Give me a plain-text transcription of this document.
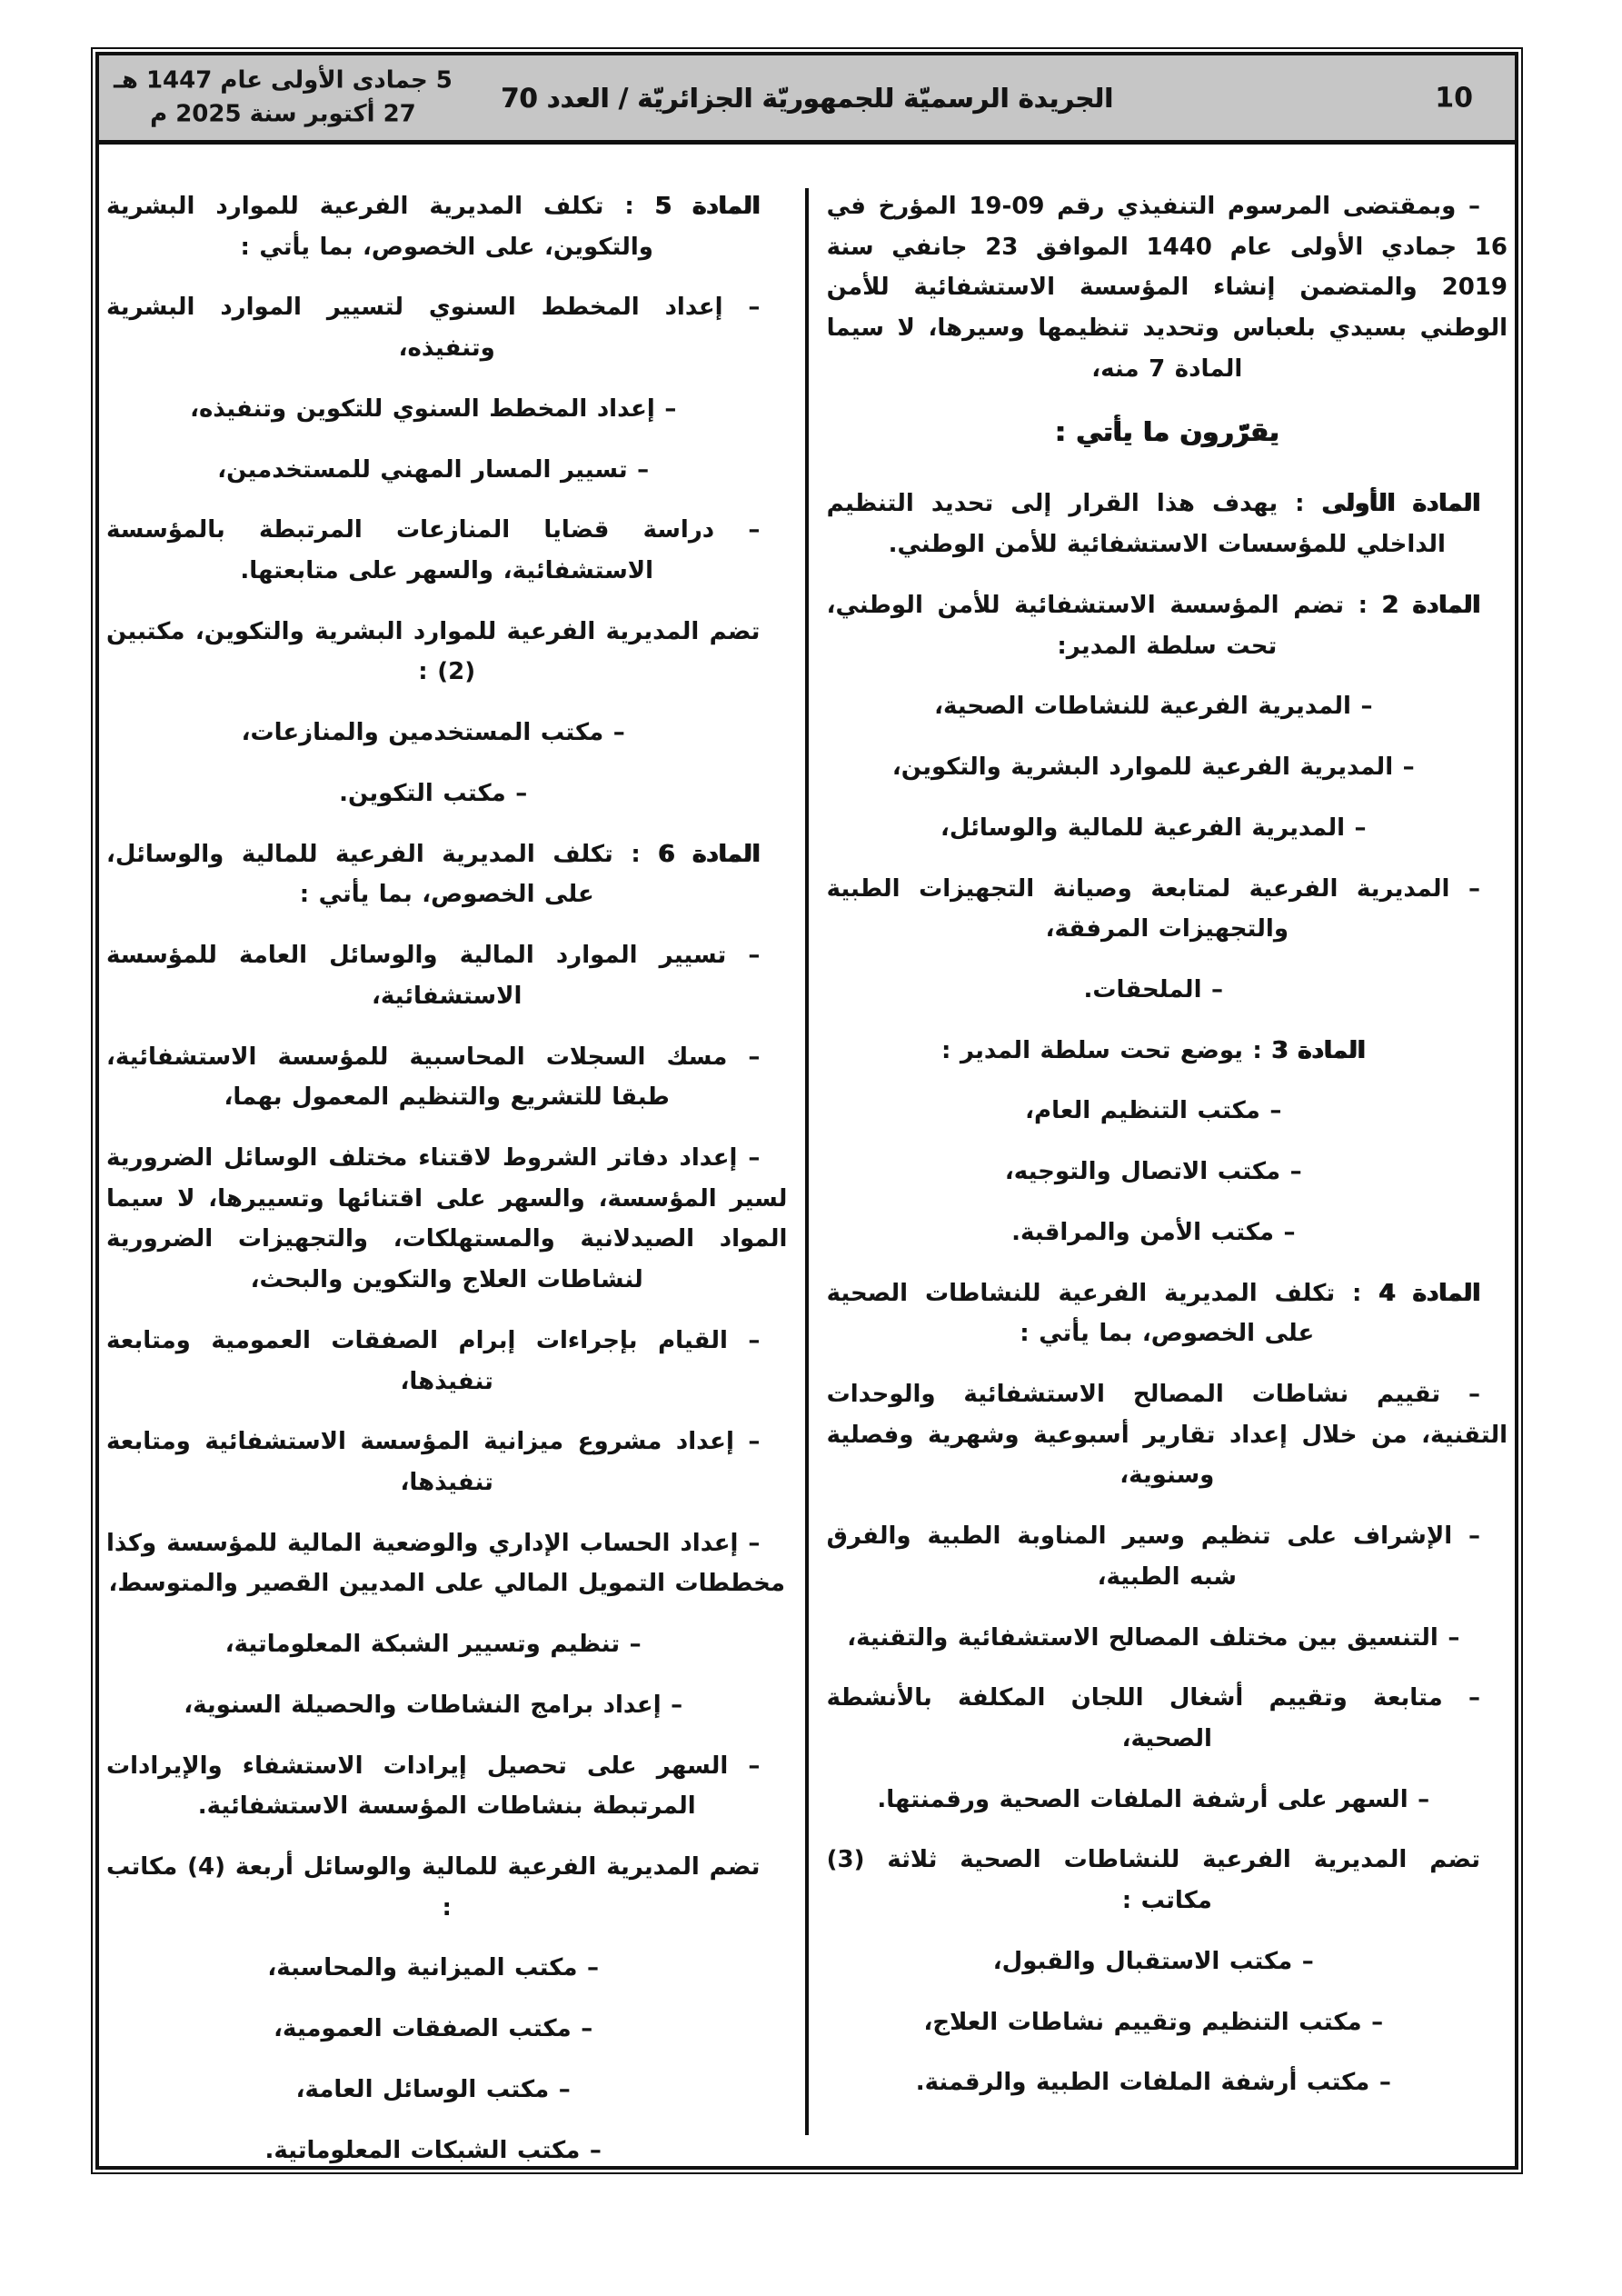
5 جمادى الأولى عام 1447 هـ
27 أكتوبر سنة 2025 م
الجريدة الرسميّة للجمهوريّة الجزائريّة / العدد 70	10

– وبمقتضى المرسوم التنفيذي رقم 09-19 المؤرخ في 16 جمادي الأولى عام 1440 الموافق 23 جانفي سنة 2019 والمتضمن إنشاء المؤسسة الاستشفائية للأمن الوطني بسيدي بلعباس وتحديد تنظيمها وسيرها، لا سيما المادة 7 منه،

يقرّرون ما يأتي :

المادة الأولى : يهدف هذا القرار إلى تحديد التنظيم الداخلي للمؤسسات الاستشفائية للأمن الوطني.

المادة 2 : تضم المؤسسة الاستشفائية للأمن الوطني، تحت سلطة المدير:

– المديرية الفرعية للنشاطات الصحية،

– المديرية الفرعية للموارد البشرية والتكوين،

– المديرية الفرعية للمالية والوسائل،

– المديرية الفرعية لمتابعة وصيانة التجهيزات الطبية والتجهيزات المرفقة،

– الملحقات.

المادة 3 : يوضع تحت سلطة المدير :

– مكتب التنظيم العام،

– مكتب الاتصال والتوجيه،

– مكتب الأمن والمراقبة.

المادة 4 : تكلف المديرية الفرعية للنشاطات الصحية على الخصوص، بما يأتي :

– تقييم نشاطات المصالح الاستشفائية والوحدات التقنية، من خلال إعداد تقارير أسبوعية وشهرية وفصلية وسنوية،

– الإشراف على تنظيم وسير المناوبة الطبية والفرق شبه الطبية،

– التنسيق بين مختلف المصالح الاستشفائية والتقنية،

– متابعة وتقييم أشغال اللجان المكلفة بالأنشطة الصحية،

– السهر على أرشفة الملفات الصحية ورقمنتها.

تضم المديرية الفرعية للنشاطات الصحية ثلاثة (3) مكاتب :

– مكتب الاستقبال والقبول،

– مكتب التنظيم وتقييم نشاطات العلاج،

– مكتب أرشفة الملفات الطبية والرقمنة.

المادة 5 : تكلف المديرية الفرعية للموارد البشرية والتكوين، على الخصوص، بما يأتي :

– إعداد المخطط السنوي لتسيير الموارد البشرية وتنفيذه،

– إعداد المخطط السنوي للتكوين وتنفيذه،

– تسيير المسار المهني للمستخدمين،

– دراسة قضايا المنازعات المرتبطة بالمؤسسة الاستشفائية، والسهر على متابعتها.

تضم المديرية الفرعية للموارد البشرية والتكوين، مكتبين (2) :

– مكتب المستخدمين والمنازعات،

– مكتب التكوين.

المادة 6 : تكلف المديرية الفرعية للمالية والوسائل، على الخصوص، بما يأتي :

– تسيير الموارد المالية والوسائل العامة للمؤسسة الاستشفائية،

– مسك السجلات المحاسبية للمؤسسة الاستشفائية، طبقا للتشريع والتنظيم المعمول بهما،

– إعداد دفاتر الشروط لاقتناء مختلف الوسائل الضرورية لسير المؤسسة، والسهر على اقتنائها وتسييرها، لا سيما المواد الصيدلانية والمستهلكات، والتجهيزات الضرورية لنشاطات العلاج والتكوين والبحث،

– القيام بإجراءات إبرام الصفقات العمومية ومتابعة تنفيذها،

– إعداد مشروع ميزانية المؤسسة الاستشفائية ومتابعة تنفيذها،

– إعداد الحساب الإداري والوضعية المالية للمؤسسة وكذا مخططات التمويل المالي على المديين القصير والمتوسط،

– تنظيم وتسيير الشبكة المعلوماتية،

– إعداد برامج النشاطات والحصيلة السنوية،

– السهر على تحصيل إيرادات الاستشفاء والإيرادات المرتبطة بنشاطات المؤسسة الاستشفائية.

تضم المديرية الفرعية للمالية والوسائل أربعة (4) مكاتب :

– مكتب الميزانية والمحاسبة،

– مكتب الصفقات العمومية،

– مكتب الوسائل العامة،

– مكتب الشبكات المعلوماتية.
